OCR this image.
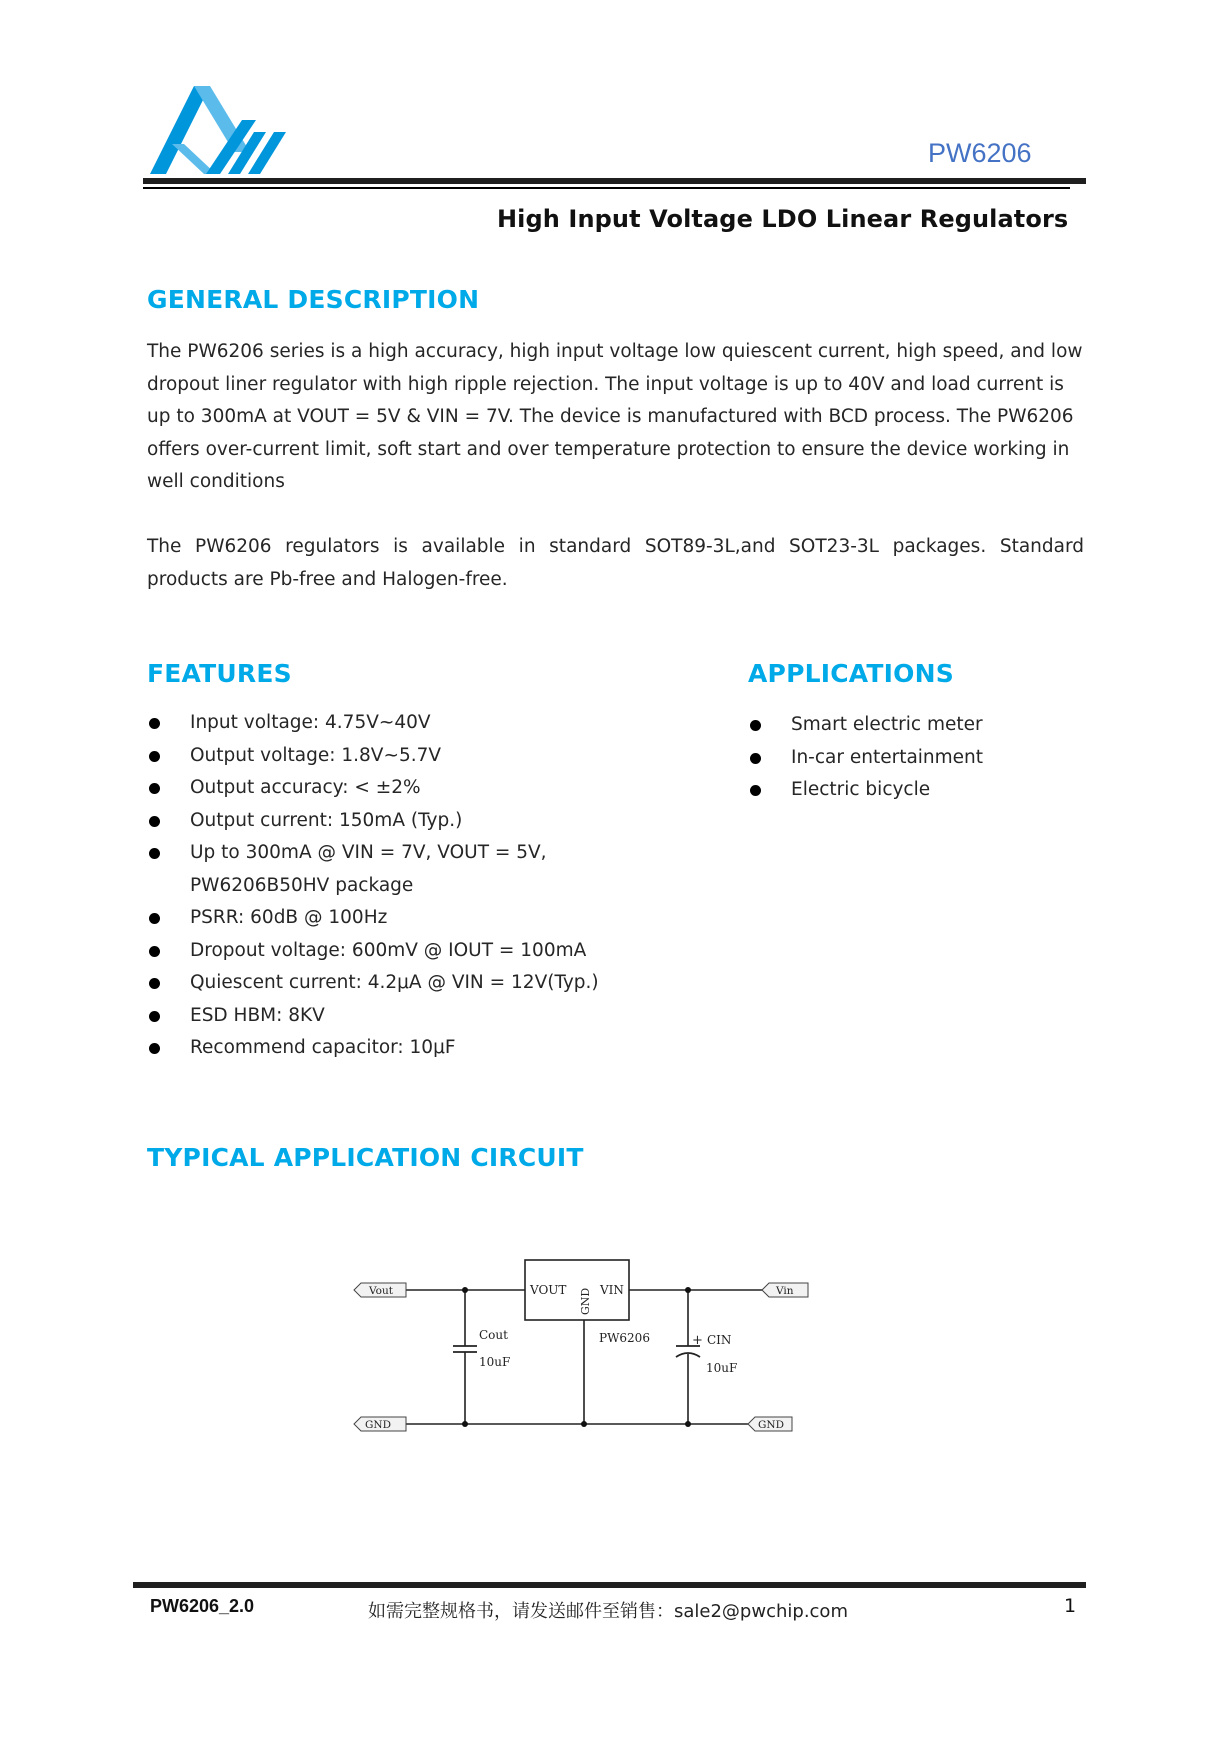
PW6206
High Input Voltage LDO Linear Regulators
GENERAL DESCRIPTION
The PW6206 series is a high accuracy, high input voltage low quiescent current, high speed, and low dropout liner regulator with high ripple rejection. The input voltage is up to 40V and load current is up to 300mA at VOUT = 5V & VIN = 7V. The device is manufactured with BCD process. The PW6206 offers over-current limit, soft start and over temperature protection to ensure the device working in well conditions
The PW6206 regulators is available in standard SOT89-3L,and SOT23-3L packages. Standard products are Pb-free and Halogen-free.
FEATURES
Input voltage: 4.75V~40V
Output voltage: 1.8V~5.7V
Output accuracy: < ±2%
Output current: 150mA (Typ.)
Up to 300mA @ VIN = 7V, VOUT = 5V,
PW6206B50HV package
PSRR: 60dB @ 100Hz
Dropout voltage: 600mV @ IOUT = 100mA
Quiescent current: 4.2μA @ VIN = 12V(Typ.)
ESD HBM: 8KV
Recommend capacitor: 10μF
APPLICATIONS
Smart electric meter
In-car entertainment
Electric bicycle
TYPICAL APPLICATION CIRCUIT
VOUT	VIN
GND
PW6206
Cout
10uF
+ CIN
10uF
Vout
GND
Vin
GND
PW6206_2.0	如需完整规格书，请发送邮件至销售：sale2@pwchip.com	1
